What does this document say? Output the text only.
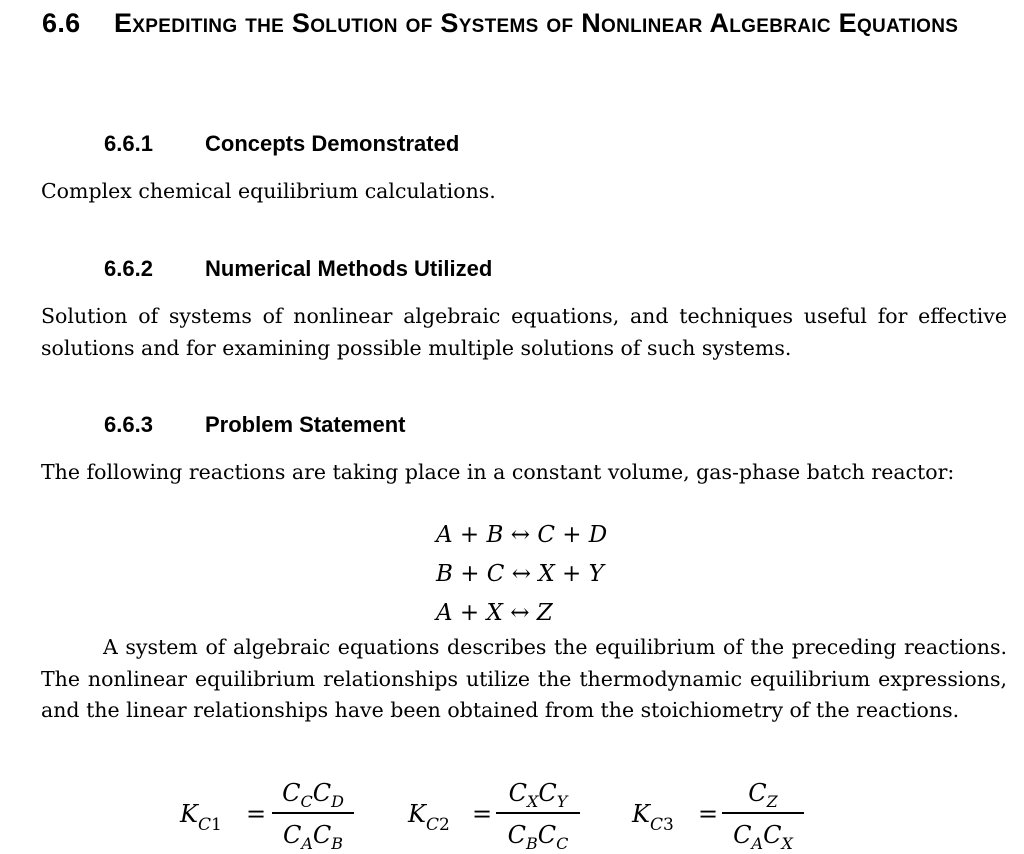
6.6 Expediting the Solution of Systems of Nonlinear Algebraic Equations
6.6.1 Concepts Demonstrated
Complex chemical equilibrium calculations.
6.6.2 Numerical Methods Utilized
Solution of systems of nonlinear algebraic equations, and techniques useful for effective solutions and for examining possible multiple solutions of such systems.
6.6.3 Problem Statement
The following reactions are taking place in a constant volume, gas-phase batch reactor:
A + B ↔ C + D
B + C ↔ X + Y
A + X ↔ Z
A system of algebraic equations describes the equilibrium of the preceding reactions. The nonlinear equilibrium relationships utilize the thermodynamic equilibrium expressions, and the linear relationships have been obtained from the stoichiometry of the reactions.
$K_{C1}$ =
$C_CC_D$
$C_AC_B$
$K_{C2}$ =
$C_XC_Y$
$C_BC_C$
$K_{C3}$ =
$C_Z$
$C_AC_X$
